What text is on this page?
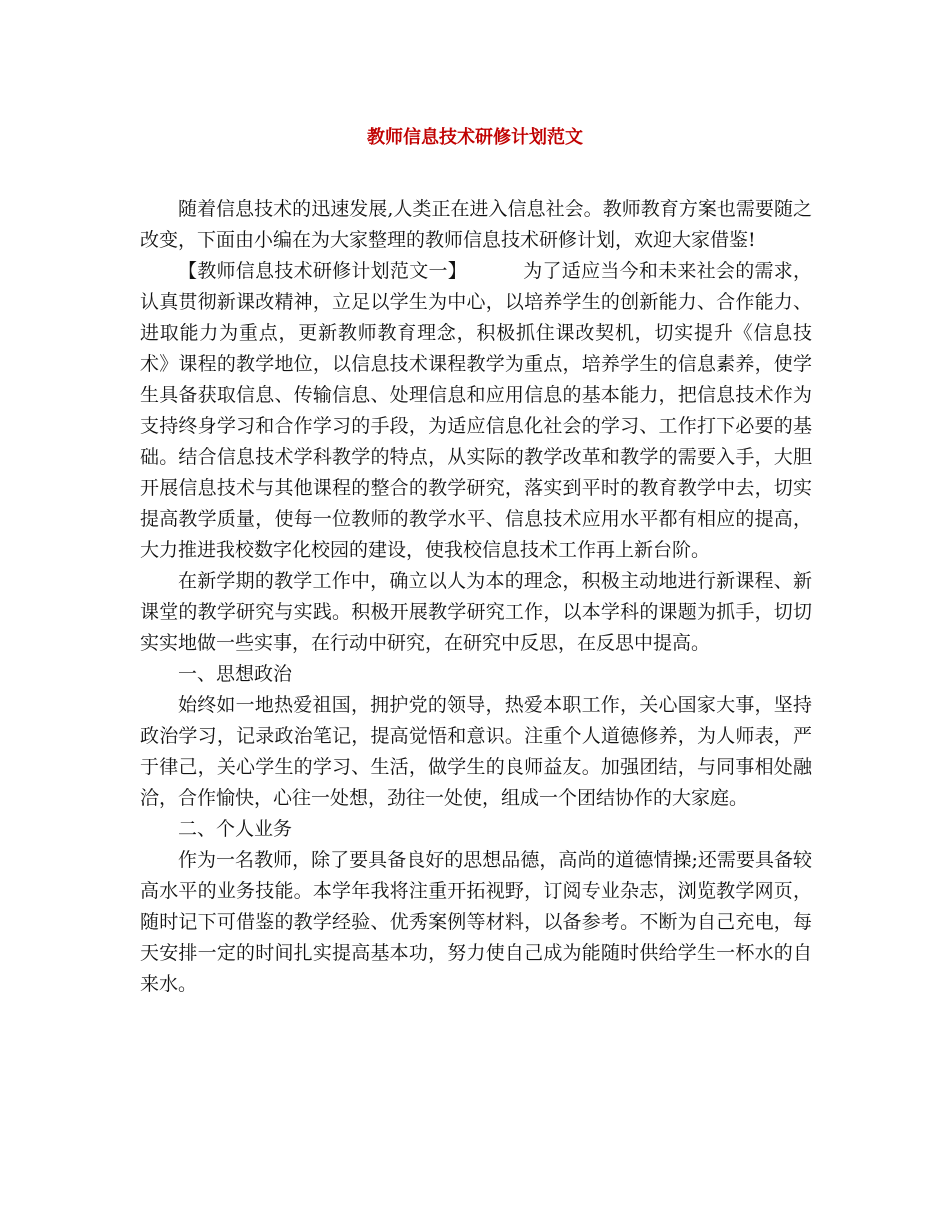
教师信息技术研修计划范文

随着信息技术的迅速发展,人类正在进入信息社会。教师教育方案也需要随之改变，下面由小编在为大家整理的教师信息技术研修计划，欢迎大家借鉴!

【教师信息技术研修计划范文一】	为了适应当今和未来社会的需求，认真贯彻新课改精神，立足以学生为中心，以培养学生的创新能力、合作能力、进取能力为重点，更新教师教育理念，积极抓住课改契机，切实提升《信息技术》课程的教学地位，以信息技术课程教学为重点，培养学生的信息素养，使学生具备获取信息、传输信息、处理信息和应用信息的基本能力，把信息技术作为支持终身学习和合作学习的手段，为适应信息化社会的学习、工作打下必要的基础。结合信息技术学科教学的特点，从实际的教学改革和教学的需要入手，大胆开展信息技术与其他课程的整合的教学研究，落实到平时的教育教学中去，切实提高教学质量，使每一位教师的教学水平、信息技术应用水平都有相应的提高，大力推进我校数字化校园的建设，使我校信息技术工作再上新台阶。

在新学期的教学工作中，确立以人为本的理念，积极主动地进行新课程、新课堂的教学研究与实践。积极开展教学研究工作，以本学科的课题为抓手，切切实实地做一些实事，在行动中研究，在研究中反思，在反思中提高。

一、思想政治

始终如一地热爱祖国，拥护党的领导，热爱本职工作，关心国家大事，坚持政治学习，记录政治笔记，提高觉悟和意识。注重个人道德修养，为人师表，严于律己，关心学生的学习、生活，做学生的良师益友。加强团结，与同事相处融洽，合作愉快，心往一处想，劲往一处使，组成一个团结协作的大家庭。

二、个人业务

作为一名教师，除了要具备良好的思想品德，高尚的道德情操;还需要具备较高水平的业务技能。本学年我将注重开拓视野，订阅专业杂志，浏览教学网页，随时记下可借鉴的教学经验、优秀案例等材料，以备参考。不断为自己充电，每天安排一定的时间扎实提高基本功，努力使自己成为能随时供给学生一杯水的自来水。
